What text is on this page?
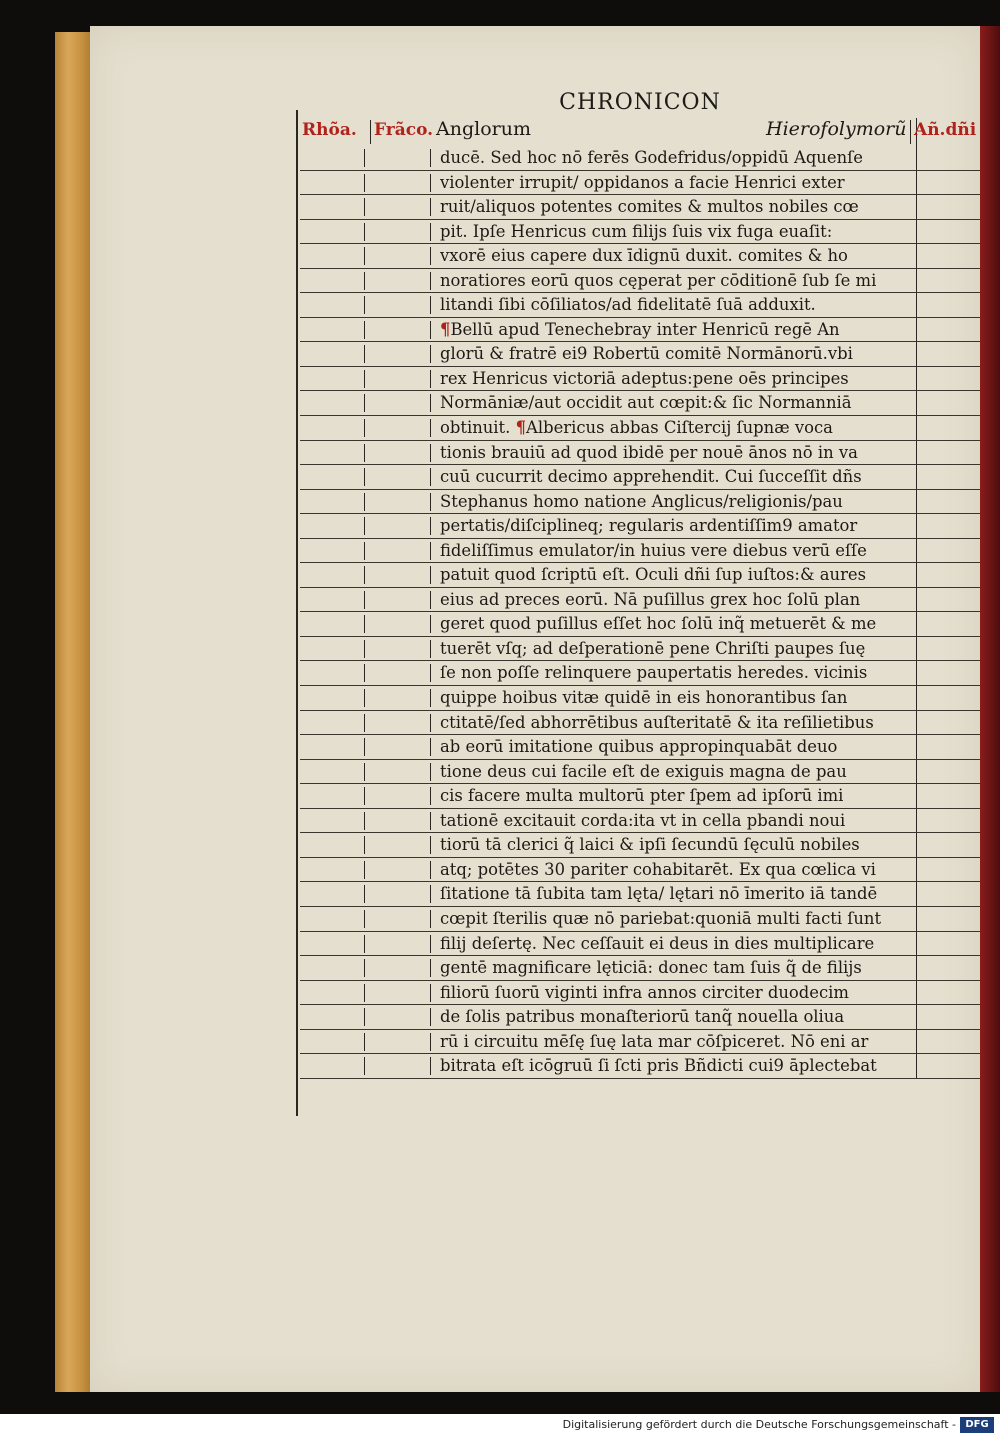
CHRONICON
Rhõa. Frãco. Anglorum	Hierofolymorũ Añ.dñi
ducē. Sed hoc nō ferēs Godefridus/oppidū Aquenſe
violenter irrupit/ oppidanos a facie Henrici exter
ruit/aliquos potentes comites & multos nobiles cœ
pit. Ipſe Henricus cum filijs ſuis vix fuga euaſit:
vxorē eius capere dux īdignū duxit. comites & ho
noratiores eorū quos cęperat per cōditionē ſub ſe mi
litandi ſibi cōſiliatos/ad fidelitatē ſuā adduxit.
¶Bellū apud Tenechebray inter Henricū regē An
glorū & fratrē ei9 Robertū comitē Normānorū.vbi
rex Henricus victoriā adeptus:pene oēs principes
Normāniæ/aut occidit aut cœpit:& ſic Normanniā
obtinuit. ¶Albericus abbas Ciſtercij ſupnæ voca
tionis brauiū ad quod ibidē per nouē ānos nō in va
cuū cucurrit decimo apprehendit. Cui ſucceſſit dñs
Stephanus homo natione Anglicus/religionis/pau
pertatis/diſciplineq; regularis ardentiſſim9 amator
fideliſſimus emulator/in huius vere diebus verū eſſe
patuit quod ſcriptū eſt. Oculi dñi ſup iuſtos:& aures
eius ad preces eorū. Nā puſillus grex hoc ſolū plan
geret quod puſillus eſſet hoc ſolū inq̃ metuerēt & me
tuerēt vſq; ad deſperationē pene Chriſti paupes ſuę
ſe non poſſe relinquere paupertatis heredes. vicinis
quippe hoibus vitæ quidē in eis honorantibus ſan
ctitatē/ſed abhorrētibus auſteritatē & ita reſilietibus
ab eorū imitatione quibus appropinquabāt deuo
tione deus cui facile eſt de exiguis magna de pau
cis facere multa multorū pter ſpem ad ipſorū imi
tationē excitauit corda:ita vt in cella pbandi noui
tiorū tā clerici q̃ laici & ipſi ſecundū ſęculū nobiles
atq; potētes 30 pariter cohabitarēt. Ex qua cœlica vi
ſitatione tā ſubita tam lęta/ lętari nō īmerito iā tandē
cœpit ſterilis quæ nō pariebat:quoniā multi facti ſunt
filij deſertę. Nec ceſſauit ei deus in dies multiplicare
gentē magnificare lęticiā: donec tam ſuis q̃ de filijs
filiorū ſuorū viginti infra annos circiter duodecim
de ſolis patribus monaſteriorū tanq̃ nouella oliua
rū i circuitu mēſę ſuę lata mar cōſpiceret. Nō eni ar
bitrata eſt icōgruū ſi ſcti pris Bñdicti cui9 āplectebat
Digitalisierung gefördert durch die Deutsche Forschungsgemeinschaft - DFG
